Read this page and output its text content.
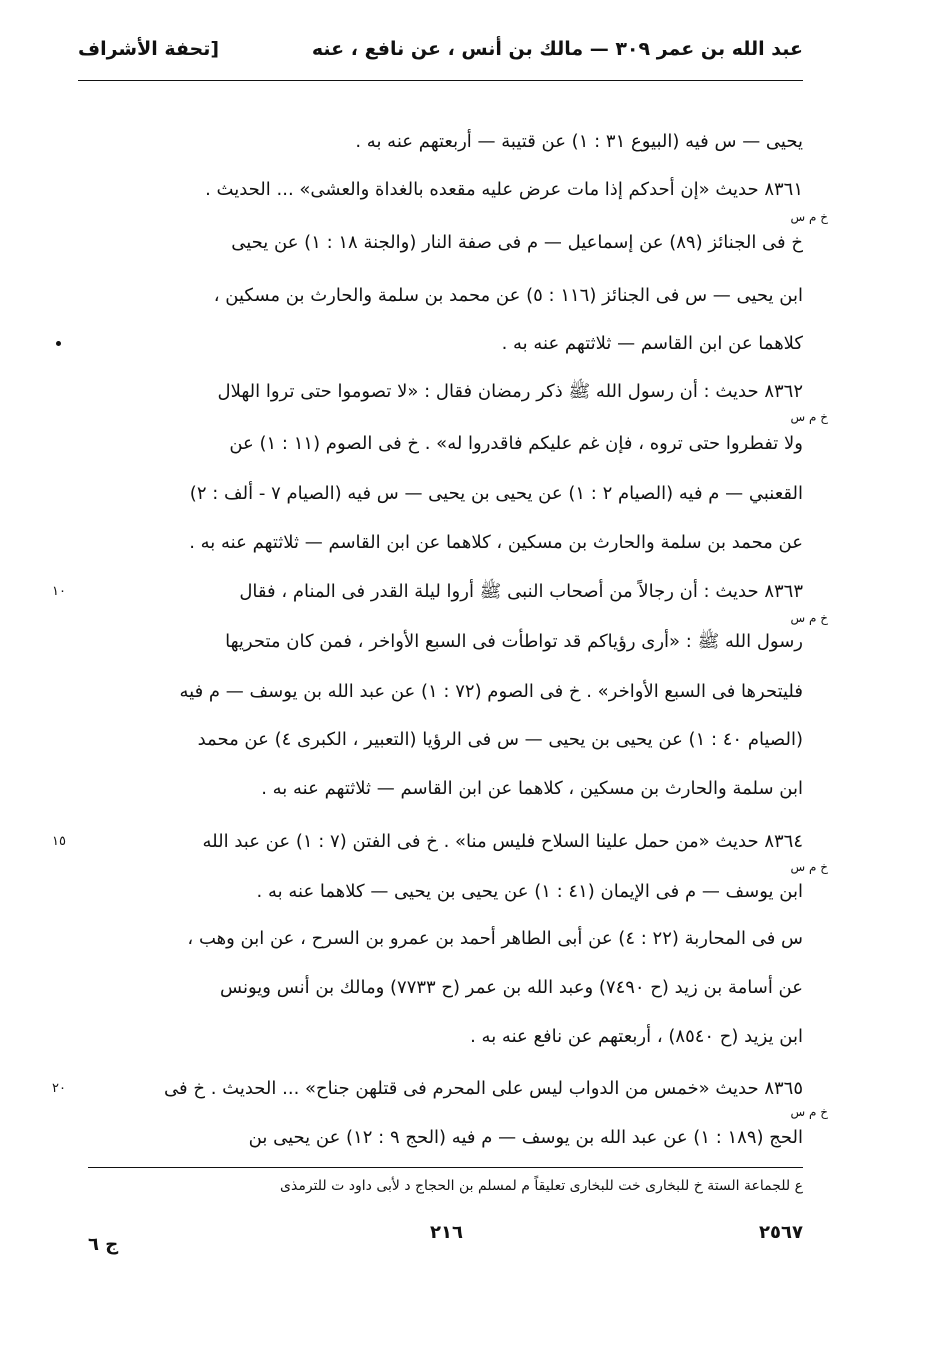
عبد الله بن عمر ٣٠٩ — مالك بن أنس ، عن نافع ، عنه
[تحفة الأشراف
يحيى — س فيه (البيوع ٣١ : ١) عن قتيبة — أربعتهم عنه به .
٨٣٦١ حديث «إن أحدكم إذا مات عرض عليه مقعده بالغداة والعشى» ... الحديث .
خ فى الجنائز (٨٩) عن إسماعيل — م فى صفة النار (والجنة ١٨ : ١) عن يحيى
ابن يحيى — س فى الجنائز (١١٦ : ٥) عن محمد بن سلمة والحارث بن مسكين ،
كلاهما عن ابن القاسم — ثلاثتهم عنه به .
٨٣٦٢ حديث : أن رسول الله ﷺ ذكر رمضان فقال : «لا تصوموا حتى تروا الهلال
ولا تفطروا حتى تروه ، فإن غم عليكم فاقدروا له» . خ فى الصوم (١١ : ١) عن
القعنبي — م فيه (الصيام ٢ : ١) عن يحيى بن يحيى — س فيه (الصيام ٧ - ألف : ٢)
عن محمد بن سلمة والحارث بن مسكين ، كلاهما عن ابن القاسم — ثلاثتهم عنه به .
٨٣٦٣ حديث : أن رجالاً من أصحاب النبى ﷺ أروا ليلة القدر فى المنام ، فقال
رسول الله ﷺ : «أرى رؤياكم قد تواطأت فى السبع الأواخر ، فمن كان متحريها
فليتحرها فى السبع الأواخر» . خ فى الصوم (٧٢ : ١) عن عبد الله بن يوسف — م فيه
(الصيام ٤٠ : ١) عن يحيى بن يحيى — س فى الرؤيا (التعبير ، الكبرى ٤) عن محمد
ابن سلمة والحارث بن مسكين ، كلاهما عن ابن القاسم — ثلاثتهم عنه به .
٨٣٦٤ حديث «من حمل علينا السلاح فليس منا» . خ فى الفتن (٧ : ١) عن عبد الله
ابن يوسف — م فى الإيمان (٤١ : ١) عن يحيى بن يحيى — كلاهما عنه به .
س فى المحاربة (٢٢ : ٤) عن أبى الطاهر أحمد بن عمرو بن السرح ، عن ابن وهب ،
عن أسامة بن زيد (ح ٧٤٩٠) وعبد الله بن عمر (ح ٧٧٣٣) ومالك بن أنس ويونس
ابن يزيد (ح ٨٥٤٠) ، أربعتهم عن نافع عنه به .
٨٣٦٥ حديث «خمس من الدواب ليس على المحرم فى قتلهن جناح» ... الحديث . خ فى
الحج (١٨٩ : ١) عن عبد الله بن يوسف — م فيه (الحج ٩ : ١٢) عن يحيى بن
خ م س
خ م س
خ م س
خ م س
خ م س
١٠
١٥
٢٠
ع للجماعة الستة خ للبخارى خت للبخارى تعليقاً م لمسلم بن الحجاج د لأبى داود ت للترمذى
٢٥٦٧
٢١٦
ج ٦
